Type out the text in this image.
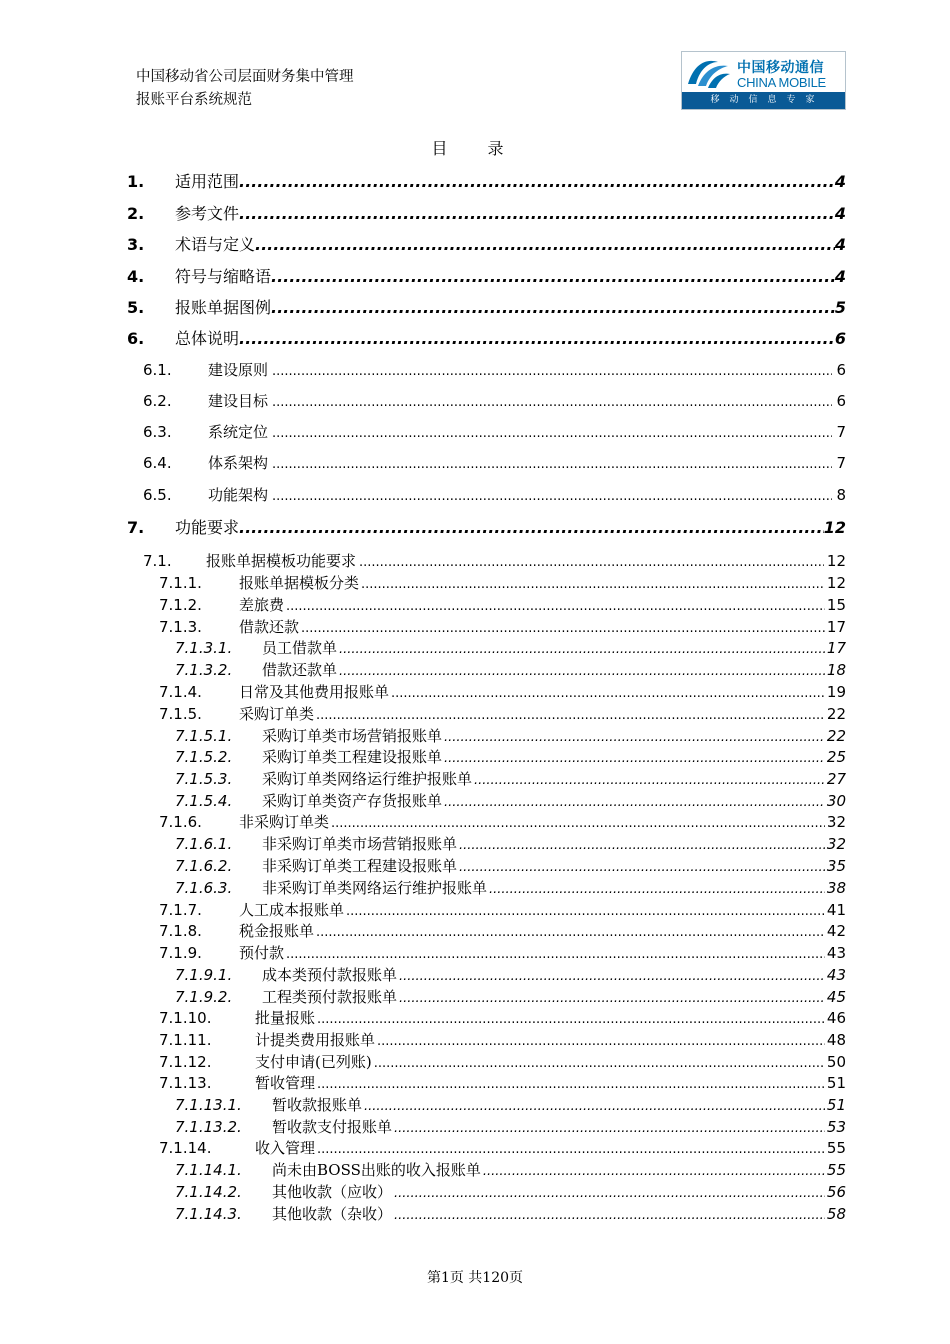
中国移动省公司层面财务集中管理
报账平台系统规范
中国移动通信
CHINA MOBILE
移动信息专家
目录
1.	适用范围 .....	4
2.	参考文件 .....	4
3.	术语与定义 .....	4
4.	符号与缩略语 .....	4
5.	报账单据图例 .....	5
6.	总体说明 .....	6
6.1.	建设原则 .....	6
6.2.	建设目标 .....	6
6.3.	系统定位 .....	7
6.4.	体系架构 .....	7
6.5.	功能架构 .....	8
7.	功能要求 .....	12
7.1.	报账单据模板功能要求 .....	12
7.1.1.	报账单据模板分类 .....	12
7.1.2.	差旅费 .....	15
7.1.3.	借款还款 .....	17
7.1.3.1.	员工借款单 .....	17
7.1.3.2.	借款还款单 .....	18
7.1.4.	日常及其他费用报账单 .....	19
7.1.5.	采购订单类 .....	22
7.1.5.1.	采购订单类市场营销报账单 .....	22
7.1.5.2.	采购订单类工程建设报账单 .....	25
7.1.5.3.	采购订单类网络运行维护报账单 .....	27
7.1.5.4.	采购订单类资产存货报账单 .....	30
7.1.6.	非采购订单类 .....	32
7.1.6.1.	非采购订单类市场营销报账单 .....	32
7.1.6.2.	非采购订单类工程建设报账单 .....	35
7.1.6.3.	非采购订单类网络运行维护报账单 .....	38
7.1.7.	人工成本报账单 .....	41
7.1.8.	税金报账单 .....	42
7.1.9.	预付款 .....	43
7.1.9.1.	成本类预付款报账单 .....	43
7.1.9.2.	工程类预付款报账单 .....	45
7.1.10.	批量报账 .....	46
7.1.11.	计提类费用报账单 .....	48
7.1.12.	支付申请(已列账) .....	50
7.1.13.	暂收管理 .....	51
7.1.13.1.	暂收款报账单 .....	51
7.1.13.2.	暂收款支付报账单 .....	53
7.1.14.	收入管理 .....	55
7.1.14.1.	尚未由BOSS出账的收入报账单 .....	55
7.1.14.2.	其他收款（应收） .....	56
7.1.14.3.	其他收款（杂收） .....	58
第1页 共120页
